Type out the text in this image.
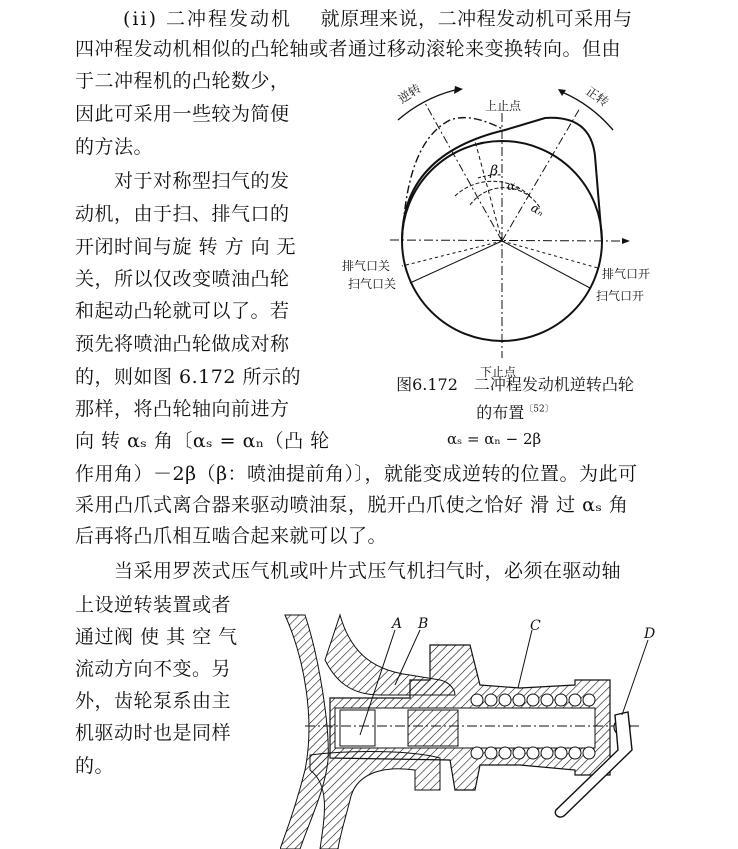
(ii) 二冲程发动机 就原理来说，二冲程发动机可采用与
四冲程发动机相似的凸轮轴或者通过移动滚轮来变换转向。但由
于二冲程机的凸轮数少，
因此可采用一些较为简便
的方法。
　　对于对称型扫气的发
动机，由于扫、排气口的
开闭时间与旋 转 方 向 无
关，所以仅改变喷油凸轮
和起动凸轮就可以了。若
预先将喷油凸轮做成对称
的，则如图 6.172 所示的
那样，将凸轮轴向前进方
向 转 αₛ 角〔αₛ = αₙ（凸 轮
作用角）－2β（β：喷油提前角）〕，就能变成逆转的位置。为此可
采用凸爪式离合器来驱动喷油泵，脱开凸爪使之恰好 滑 过 αₛ 角
后再将凸爪相互啮合起来就可以了。
　　当采用罗茨式压气机或叶片式压气机扫气时，必须在驱动轴
上设逆转装置或者
通过阀 使 其 空 气
流动方向不变。另
外，齿轮泵系由主
机驱动时也是同样
的。
逆转	正转
上止点
β
αₛ
αₙ
排气口关
扫气口关
排气口开
扫气口开
下止点
图6.172　二冲程发动机逆转凸轮
的布置$^{〔52〕}$
αₛ = αₙ − 2β
A B	C	D
